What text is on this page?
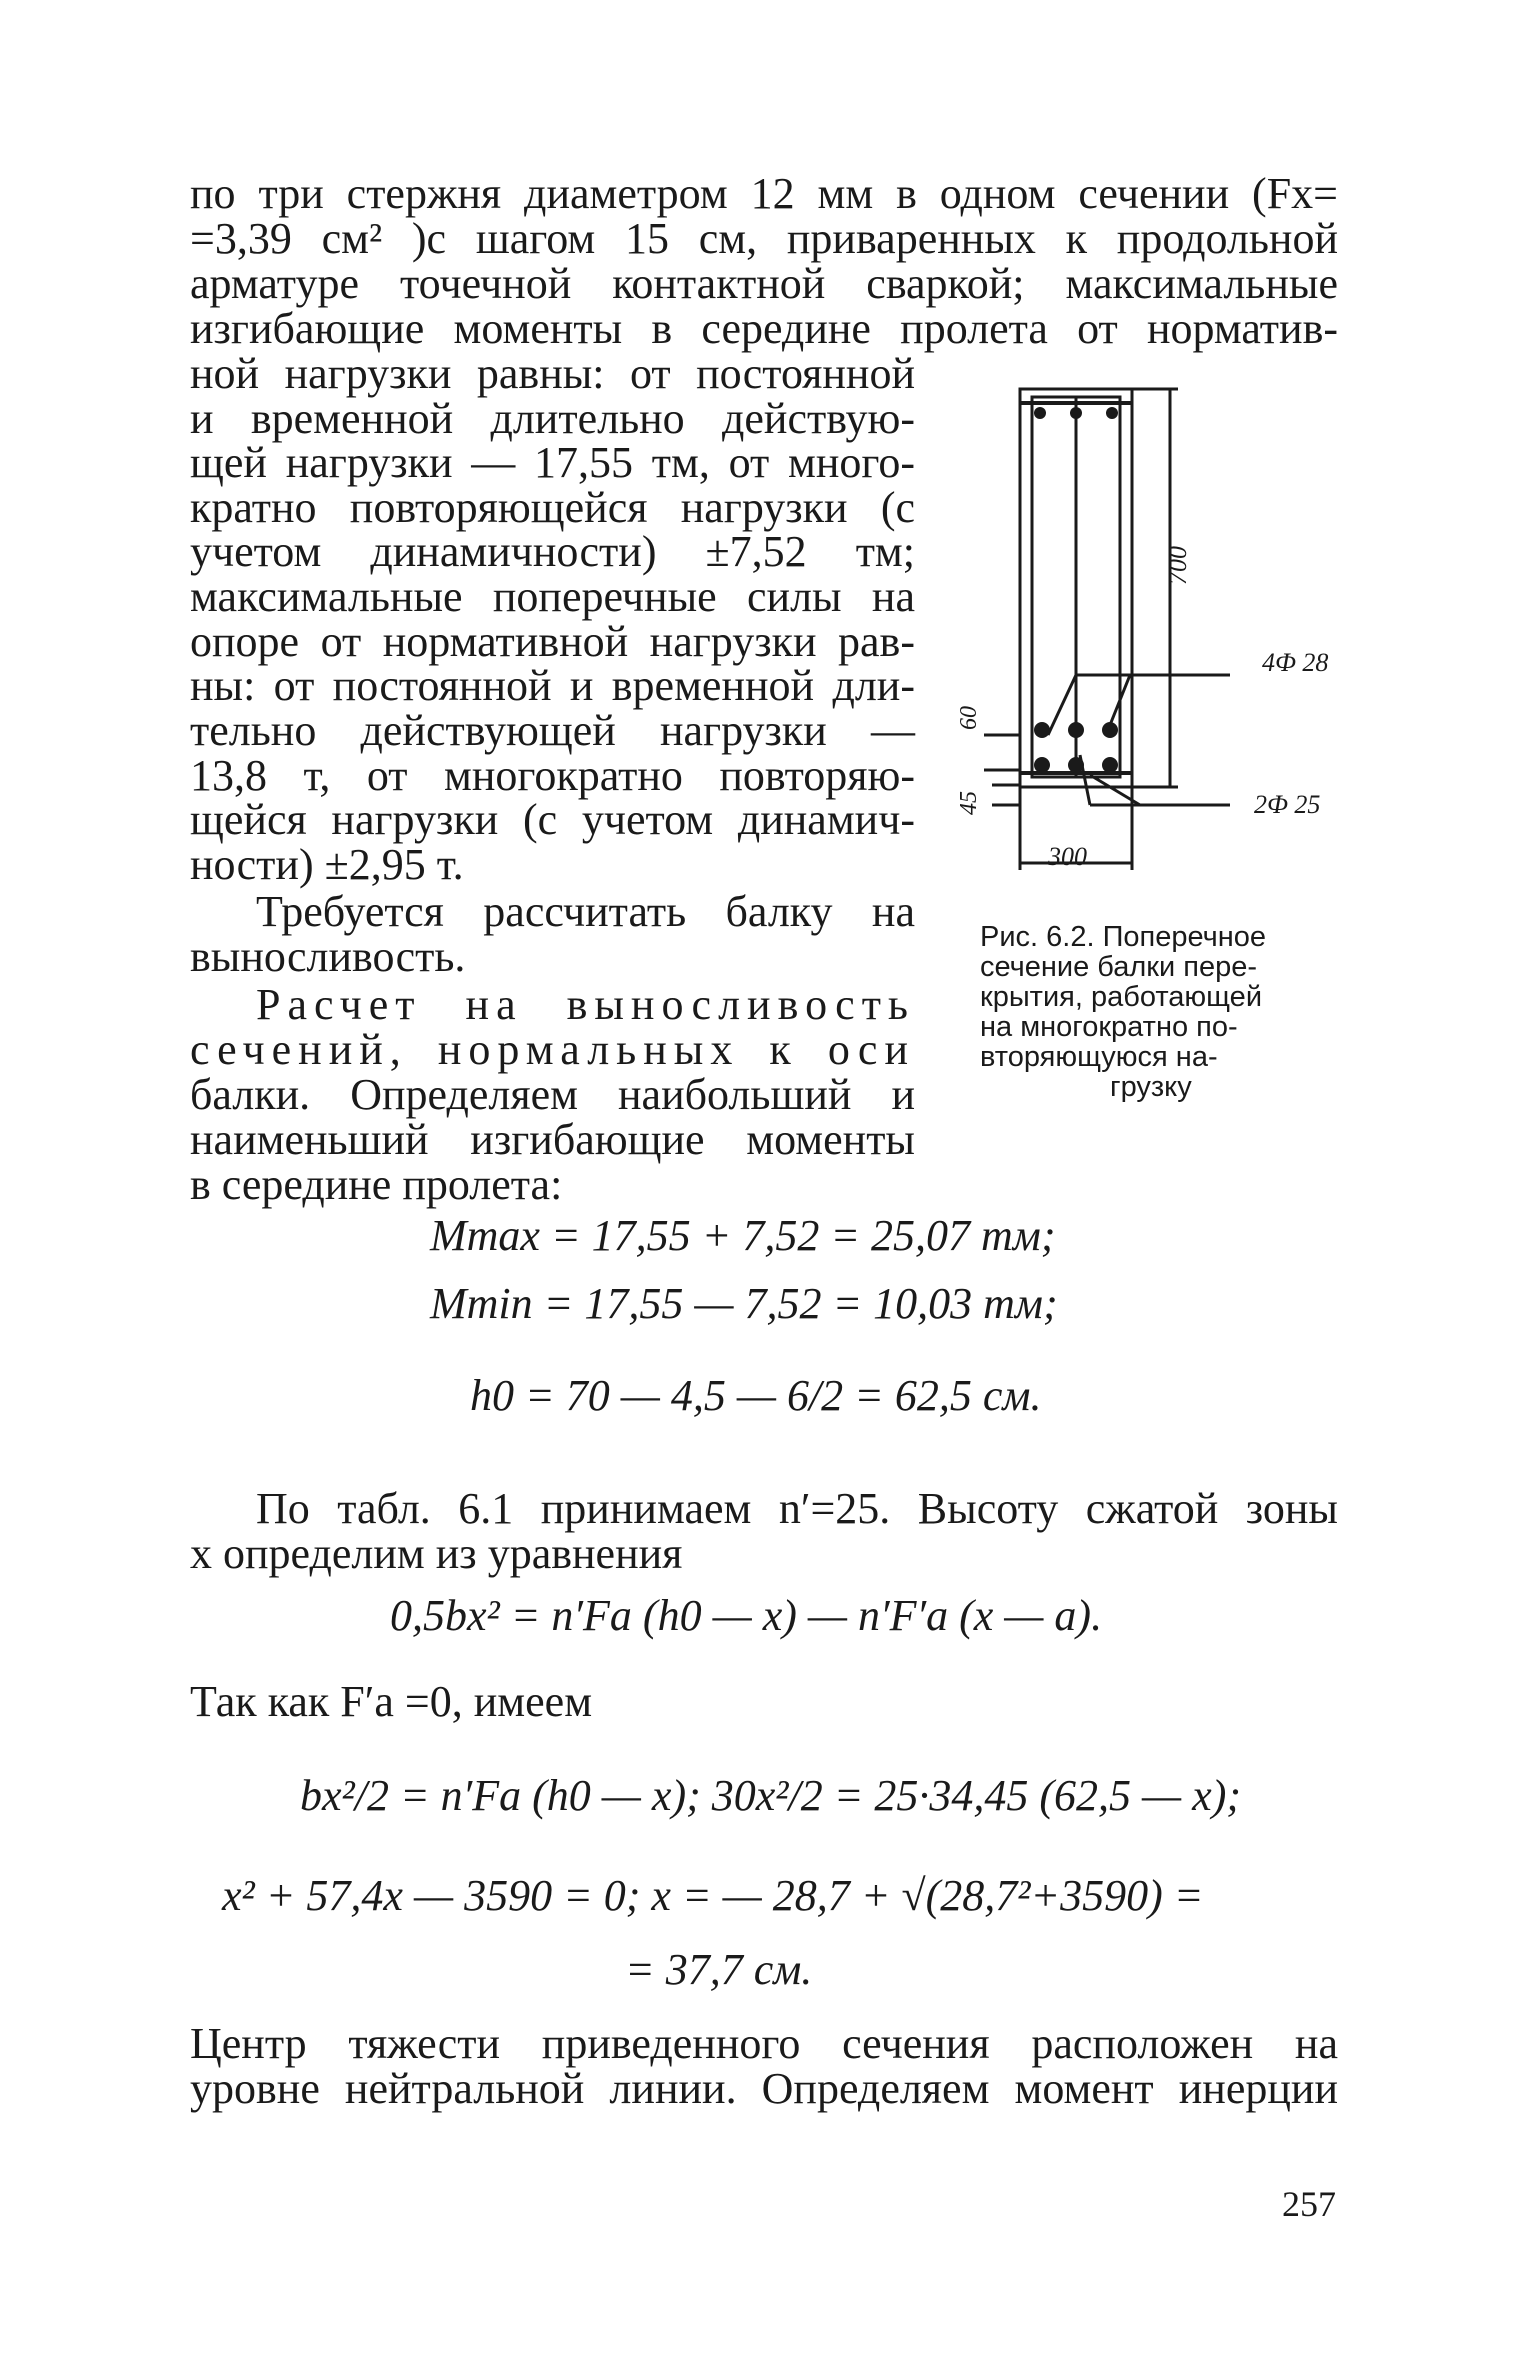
по три стержня диаметром 12 мм в одном сечении (Fх=
=3,39 см² )с шагом 15 см, приваренных к продольной
арматуре точечной контактной сваркой; максимальные
изгибающие моменты в середине пролета от норматив-
ной нагрузки равны: от постоянной
и временной длительно действую-
щей нагрузки — 17,55 тм, от много-
кратно повторяющейся нагрузки (с
учетом динамичности) ±7,52 тм;
максимальные поперечные силы на
опоре от нормативной нагрузки рав-
ны: от постоянной и временной дли-
тельно действующей нагрузки —
13,8 т, от многократно повторяю-
щейся нагрузки (с учетом динамич-
ности) ±2,95 т.
Требуется рассчитать балку на
выносливость.
Расчет на выносливость
сечений, нормальных к оси
балки. Определяем наибольший и
наименьший изгибающие моменты
в середине пролета:
700
300
60
45
4Ф 28
2Ф 25
Рис. 6.2. Поперечное
сечение балки пере-
крытия, работающей
на многократно по-
вторяющуюся на-
грузку
Mmax = 17,55 + 7,52 = 25,07 тм;
Mmin = 17,55 — 7,52 = 10,03 тм;
h0 = 70 — 4,5 — 6/2 = 62,5 см.
По табл. 6.1 принимаем n′=25. Высоту сжатой зоны
x определим из уравнения
0,5bx² = n′Fa (h0 — x) — n′F′a (x — a).
Так как F′a =0, имеем
bx²/2 = n′Fa (h0 — x); 30x²/2 = 25·34,45 (62,5 — x);
x² + 57,4x — 3590 = 0; x = — 28,7 + √(28,7²+3590) =
= 37,7 см.
Центр тяжести приведенного сечения расположен на
уровне нейтральной линии. Определяем момент инерции
257
